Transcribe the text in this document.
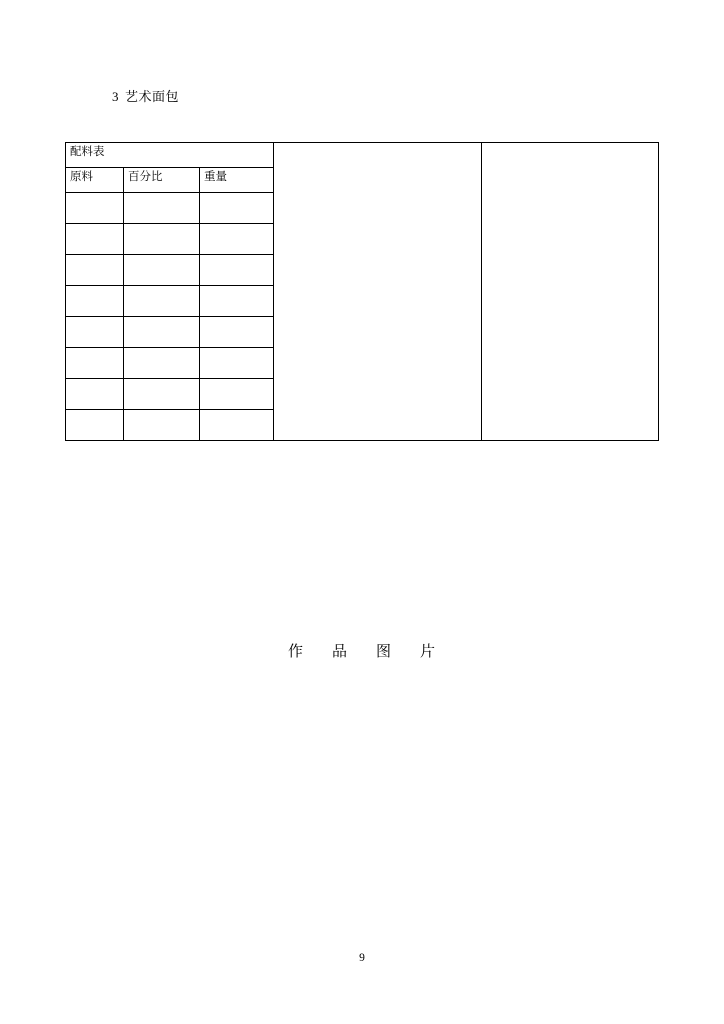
3 艺术面包
配料表				
原料	百分比	重量		

作 品 图 片
9
